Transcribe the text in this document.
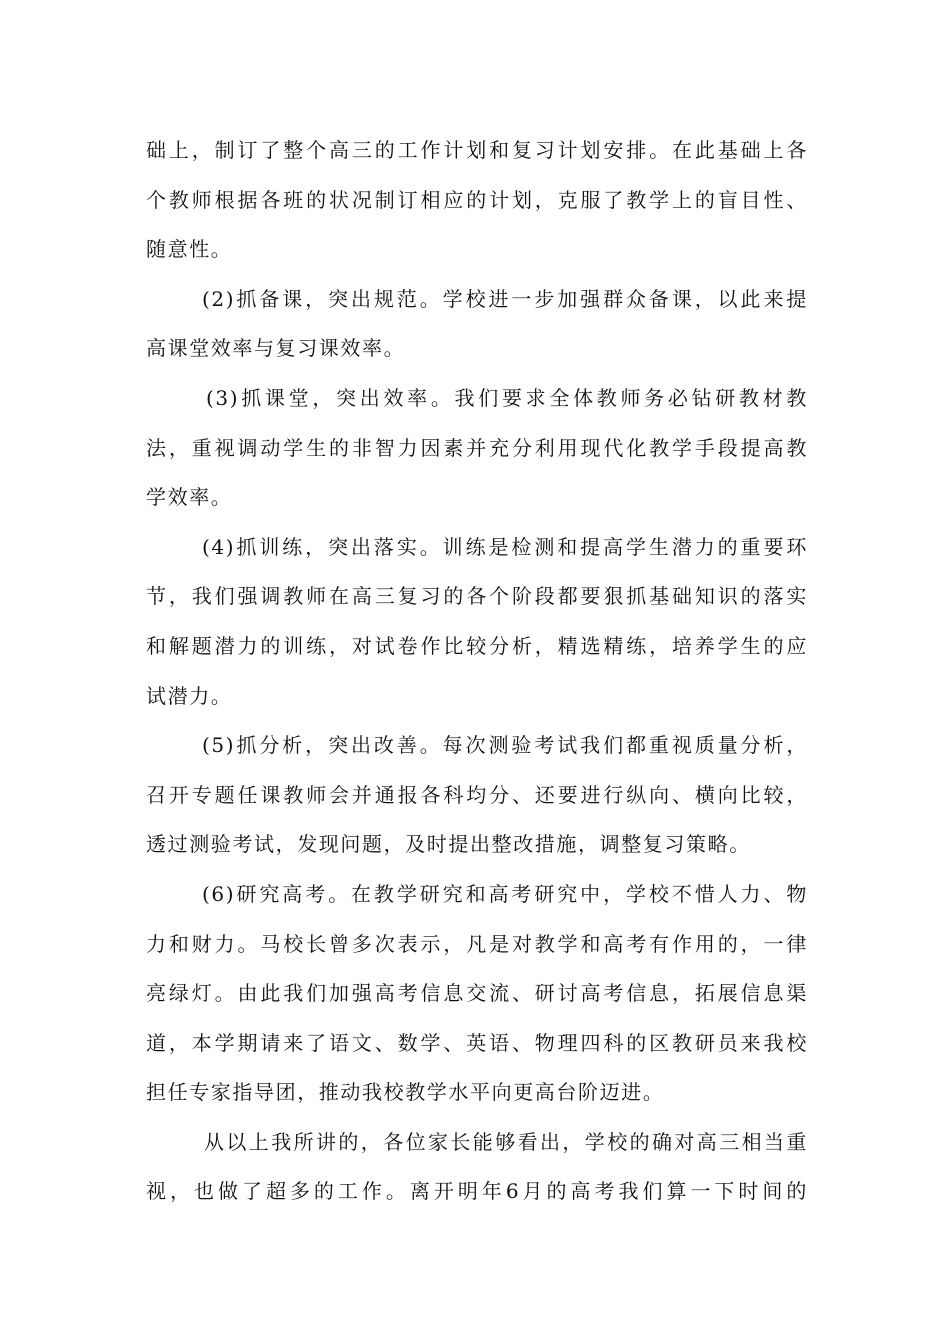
础上，制订了整个高三的工作计划和复习计划安排。在此基础上各
个教师根据各班的状况制订相应的计划，克服了教学上的盲目性、
随意性。
(2)抓备课，突出规范。学校进一步加强群众备课，以此来提
高课堂效率与复习课效率。
(3)抓课堂，突出效率。我们要求全体教师务必钻研教材教
法，重视调动学生的非智力因素并充分利用现代化教学手段提高教
学效率。
(4)抓训练，突出落实。训练是检测和提高学生潜力的重要环
节，我们强调教师在高三复习的各个阶段都要狠抓基础知识的落实
和解题潜力的训练，对试卷作比较分析，精选精练，培养学生的应
试潜力。
(5)抓分析，突出改善。每次测验考试我们都重视质量分析，
召开专题任课教师会并通报各科均分、还要进行纵向、横向比较，
透过测验考试，发现问题，及时提出整改措施，调整复习策略。
(6)研究高考。在教学研究和高考研究中，学校不惜人力、物
力和财力。马校长曾多次表示，凡是对教学和高考有作用的，一律
亮绿灯。由此我们加强高考信息交流、研讨高考信息，拓展信息渠
道，本学期请来了语文、数学、英语、物理四科的区教研员来我校
担任专家指导团，推动我校教学水平向更高台阶迈进。
从以上我所讲的，各位家长能够看出，学校的确对高三相当重
视，也做了超多的工作。离开明年6月的高考我们算一下时间的
